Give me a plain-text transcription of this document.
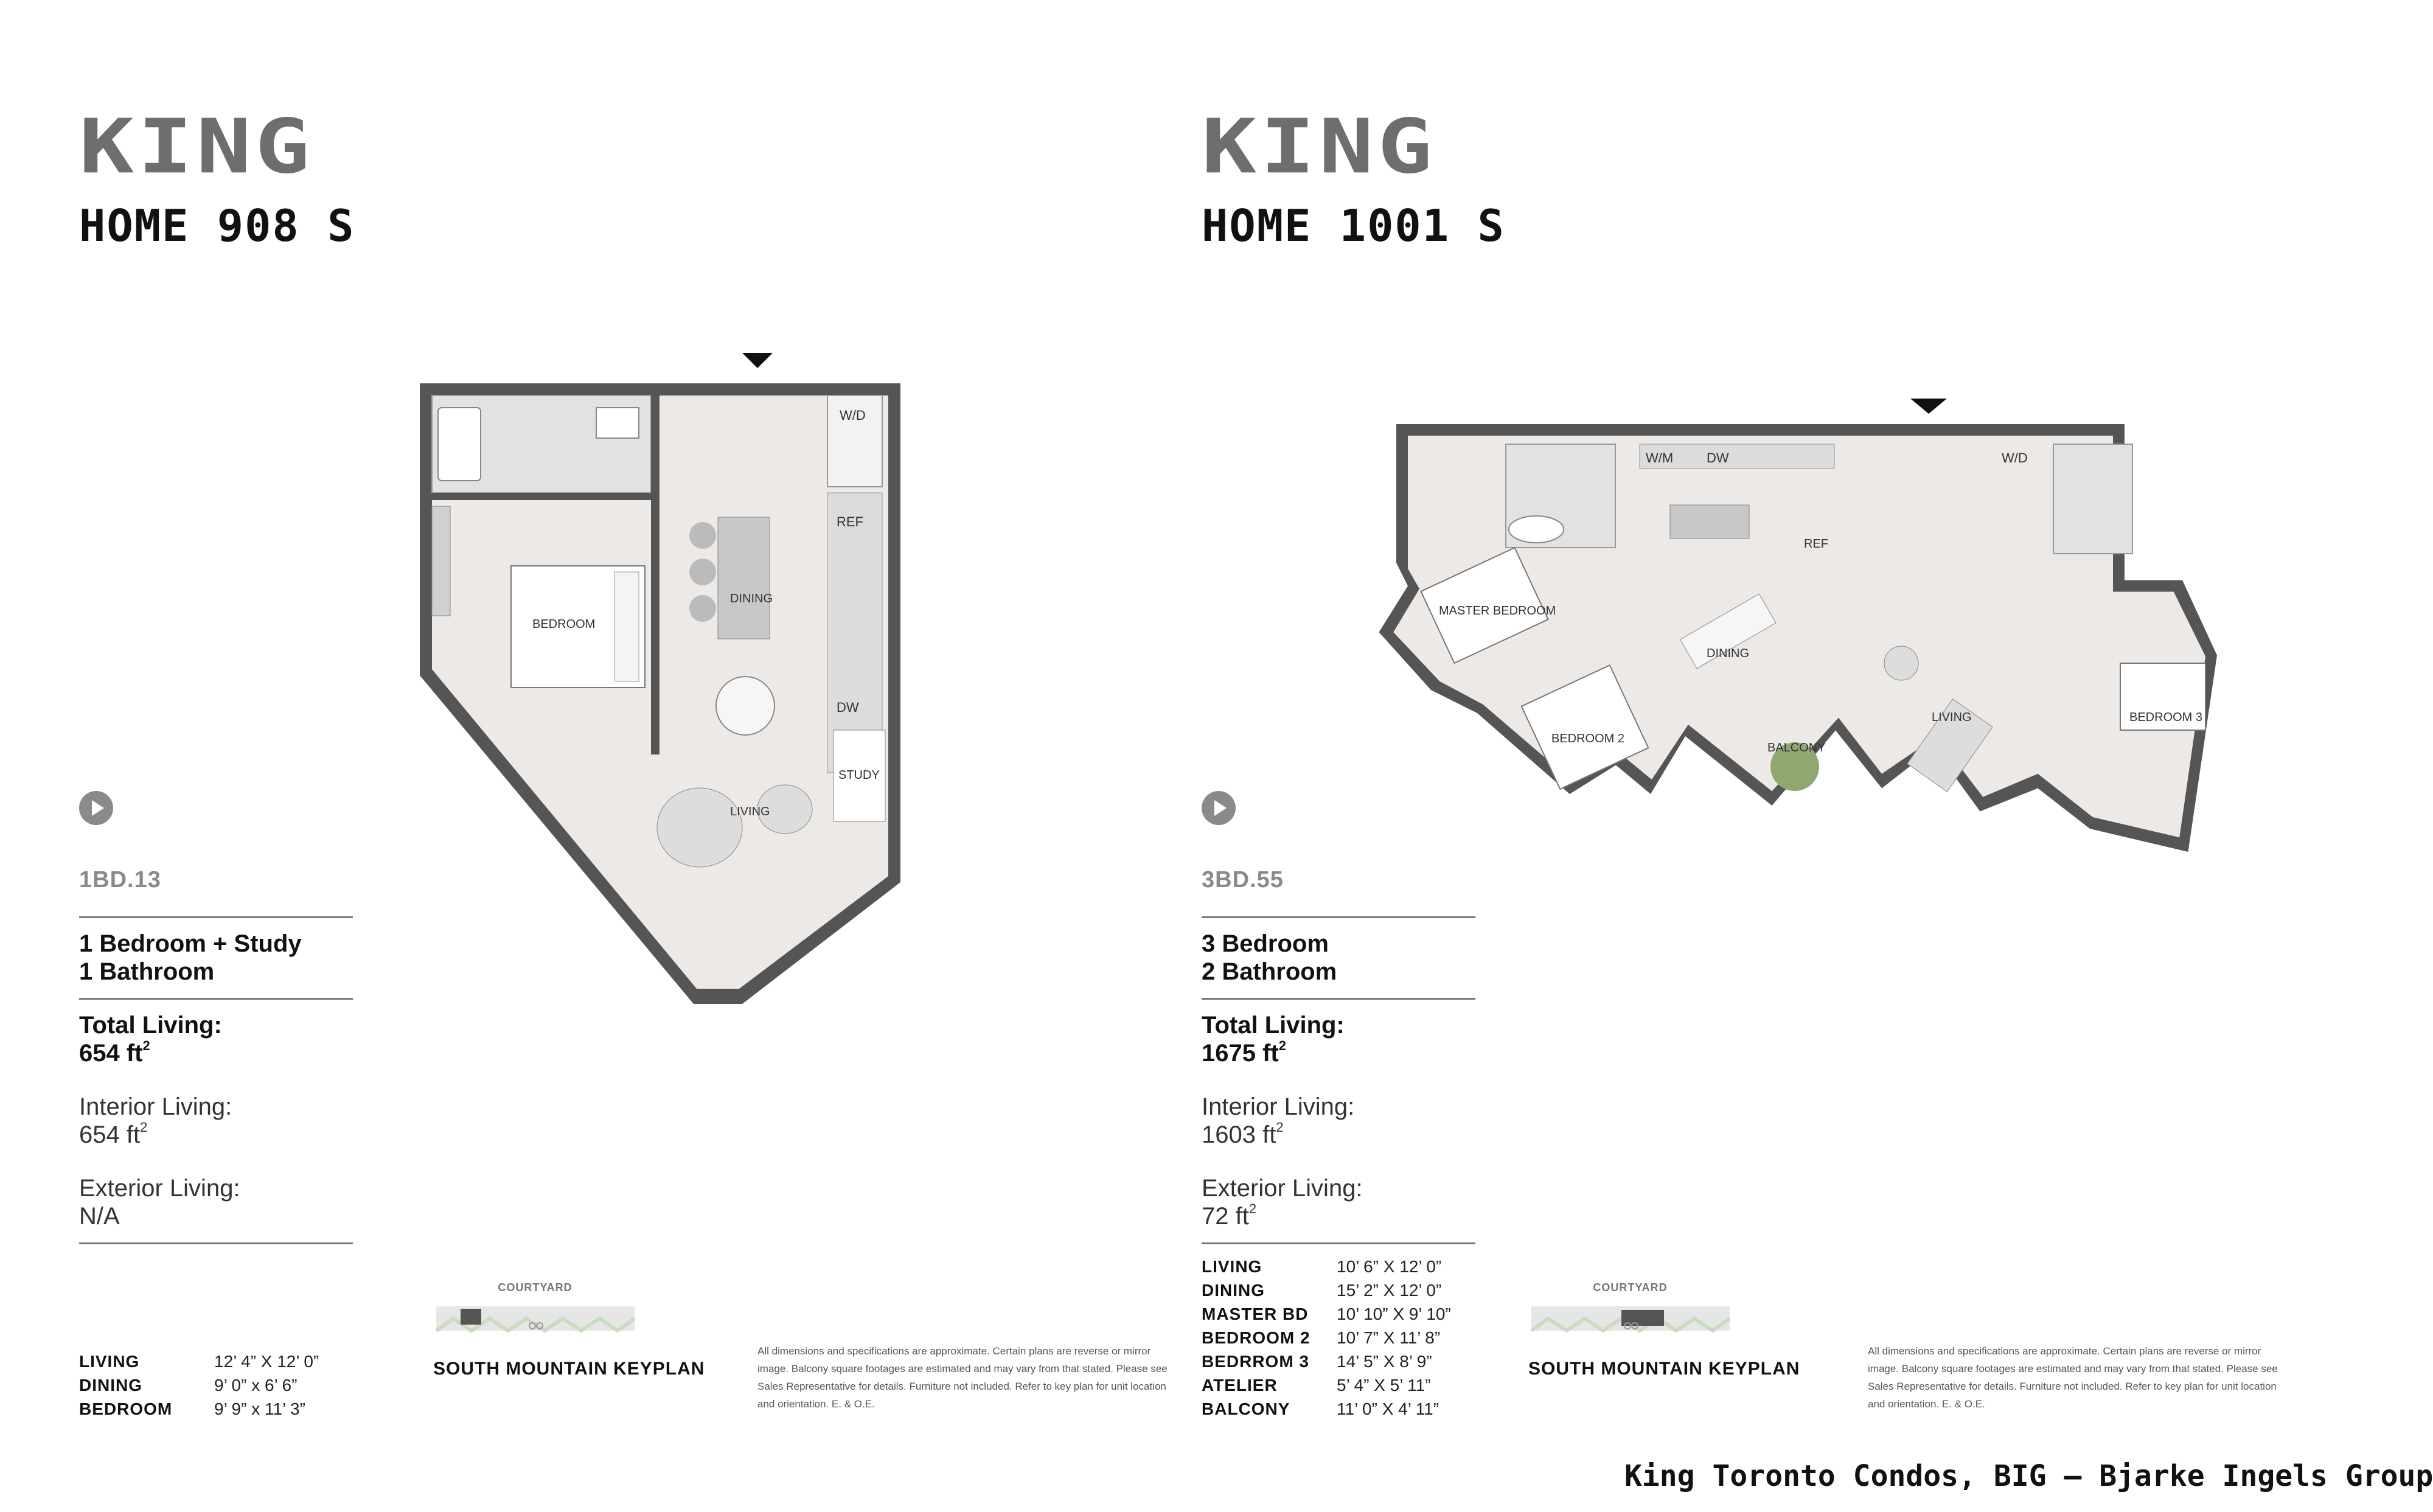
KING
HOME 908 S
W/D
REF
DINING
BEDROOM
DW
STUDY
LIVING
1BD.13
1 Bedroom + Study
1 Bathroom
Total Living:
654 $ft^2$
Interior Living:
654 $ft^2$
Exterior Living:
N/A
LIVING	12’ 4” X 12’ 0”
DINING	9’ 0” x 6’ 6”
BEDROOM	9’ 9” x 11’ 3”
COURTYARD
SOUTH MOUNTAIN KEYPLAN
All dimensions and specifications are approximate. Certain plans are reverse or mirror image. Balcony square footages are estimated and may vary from that stated. Please see Sales Representative for details. Furniture not included. Refer to key plan for unit location and orientation. E. & O.E.
KING
HOME 1001 S
W/D
W/M DW
REF
MASTER BEDROOM
DINING
BEDROOM 2
BALCONY
LIVING	BEDROOM 3
3BD.55
3 Bedroom
2 Bathroom
Total Living:
1675 $ft^2$
Interior Living:
1603 $ft^2$
Exterior Living:
72 $ft^2$
LIVING	10’ 6” X 12’ 0”
DINING	15’ 2” X 12’ 0”
MASTER BD	10’ 10” X 9’ 10”
BEDROOM 2	10’ 7” X 11’ 8”
BEDRROM 3	14’ 5” X 8’ 9”
ATELIER	5’ 4” X 5’ 11”
BALCONY	11’ 0” X 4’ 11”
COURTYARD
SOUTH MOUNTAIN KEYPLAN
All dimensions and specifications are approximate. Certain plans are reverse or mirror image. Balcony square footages are estimated and may vary from that stated. Please see Sales Representative for details. Furniture not included. Refer to key plan for unit location and orientation. E. & O.E.
King Toronto Condos, BIG – Bjarke Ingels Group
